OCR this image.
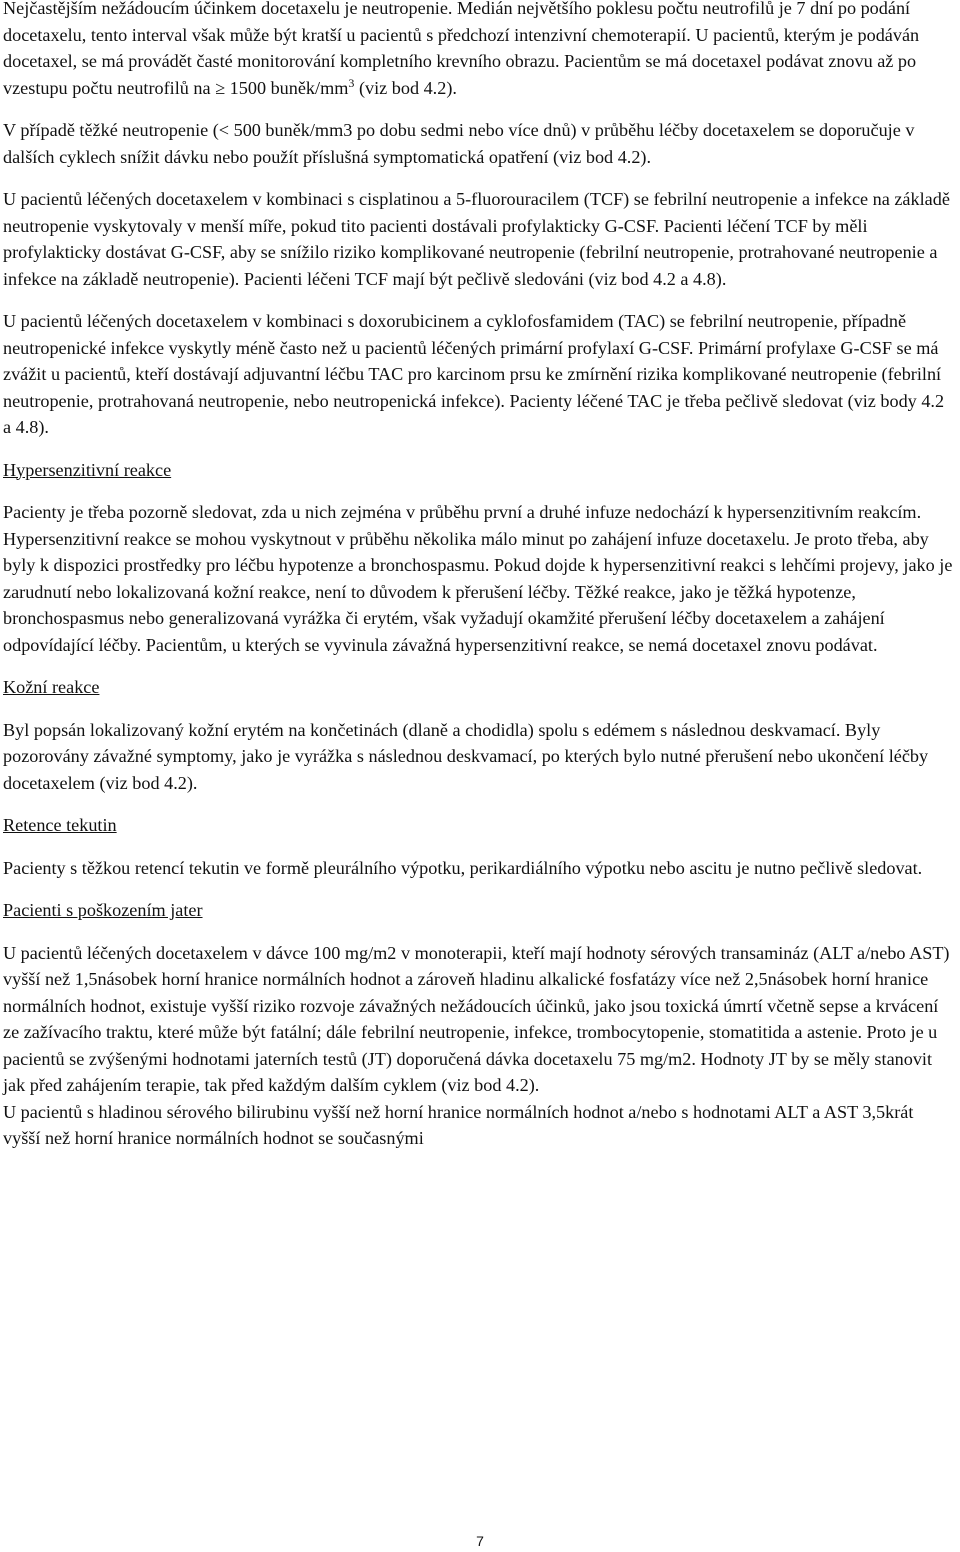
Nejčastějším nežádoucím účinkem docetaxelu je neutropenie. Medián největšího poklesu počtu neutrofilů je 7 dní po podání docetaxelu, tento interval však může být kratší u pacientů s předchozí intenzivní chemoterapií. U pacientů, kterým je podáván docetaxel, se má provádět časté monitorování kompletního krevního obrazu. Pacientům se má docetaxel podávat znovu až po vzestupu počtu neutrofilů na ≥ 1500 buněk/$mm^3$ (viz bod 4.2).

V případě těžké neutropenie (< 500 buněk/mm3 po dobu sedmi nebo více dnů) v průběhu léčby docetaxelem se doporučuje v dalších cyklech snížit dávku nebo použít příslušná symptomatická opatření (viz bod 4.2).

U pacientů léčených docetaxelem v kombinaci s cisplatinou a 5-fluorouracilem (TCF) se febrilní neutropenie a infekce na základě neutropenie vyskytovaly v menší míře, pokud tito pacienti dostávali profylakticky G-CSF. Pacienti léčení TCF by měli profylakticky dostávat G-CSF, aby se snížilo riziko komplikované neutropenie (febrilní neutropenie, protrahované neutropenie a infekce na základě neutropenie). Pacienti léčeni TCF mají být pečlivě sledováni (viz bod 4.2 a 4.8).

U pacientů léčených docetaxelem v kombinaci s doxorubicinem a cyklofosfamidem (TAC) se febrilní neutropenie, případně neutropenické infekce vyskytly méně často než u pacientů léčených primární profylaxí G-CSF. Primární profylaxe G-CSF se má zvážit u pacientů, kteří dostávají adjuvantní léčbu TAC pro karcinom prsu ke zmírnění rizika komplikované neutropenie (febrilní neutropenie, protrahovaná neutropenie, nebo neutropenická infekce). Pacienty léčené TAC je třeba pečlivě sledovat (viz body 4.2 a 4.8).

Hypersenzitivní reakce

Pacienty je třeba pozorně sledovat, zda u nich zejména v průběhu první a druhé infuze nedochází k hypersenzitivním reakcím. Hypersenzitivní reakce se mohou vyskytnout v průběhu několika málo minut po zahájení infuze docetaxelu. Je proto třeba, aby byly k dispozici prostředky pro léčbu hypotenze a bronchospasmu. Pokud dojde k hypersenzitivní reakci s lehčími projevy, jako je zarudnutí nebo lokalizovaná kožní reakce, není to důvodem k přerušení léčby. Těžké reakce, jako je těžká hypotenze, bronchospasmus nebo generalizovaná vyrážka či erytém, však vyžadují okamžité přerušení léčby docetaxelem a zahájení odpovídající léčby. Pacientům, u kterých se vyvinula závažná hypersenzitivní reakce, se nemá docetaxel znovu podávat.

Kožní reakce

Byl popsán lokalizovaný kožní erytém na končetinách (dlaně a chodidla) spolu s edémem s následnou deskvamací. Byly pozorovány závažné symptomy, jako je vyrážka s následnou deskvamací, po kterých bylo nutné přerušení nebo ukončení léčby docetaxelem (viz bod 4.2).

Retence tekutin

Pacienty s těžkou retencí tekutin ve formě pleurálního výpotku, perikardiálního výpotku nebo ascitu je nutno pečlivě sledovat.

Pacienti s poškozením jater

U pacientů léčených docetaxelem v dávce 100 mg/m2 v monoterapii, kteří mají hodnoty sérových transamináz (ALT a/nebo AST) vyšší než 1,5násobek horní hranice normálních hodnot a zároveň hladinu alkalické fosfatázy více než 2,5násobek horní hranice normálních hodnot, existuje vyšší riziko rozvoje závažných nežádoucích účinků, jako jsou toxická úmrtí včetně sepse a krvácení ze zažívacího traktu, které může být fatální; dále febrilní neutropenie, infekce, trombocytopenie, stomatitida a astenie. Proto je u pacientů se zvýšenými hodnotami jaterních testů (JT) doporučená dávka docetaxelu 75 mg/m2. Hodnoty JT by se měly stanovit jak před zahájením terapie, tak před každým dalším cyklem (viz bod 4.2).

U pacientů s hladinou sérového bilirubinu vyšší než horní hranice normálních hodnot a/nebo s hodnotami ALT a AST 3,5krát vyšší než horní hranice normálních hodnot se současnými

7
